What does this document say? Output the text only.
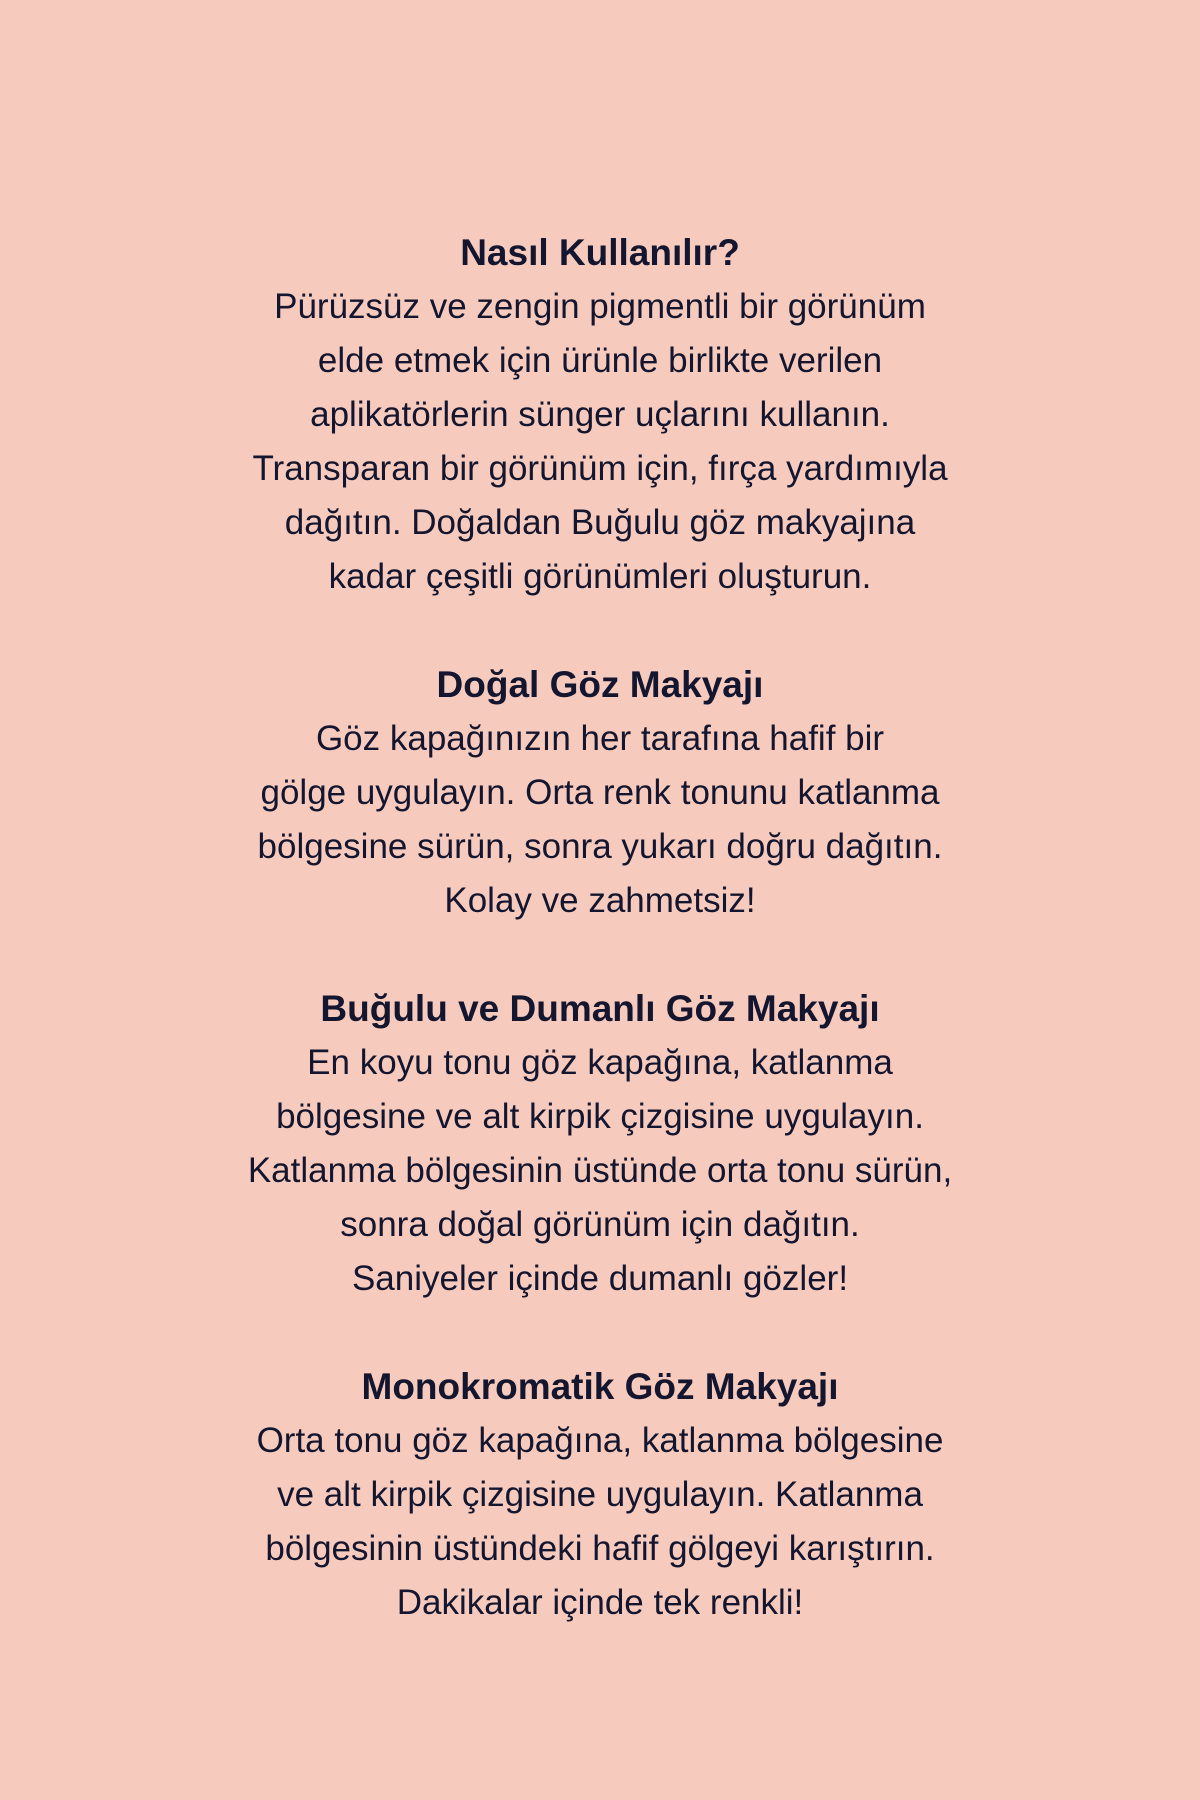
Nasıl Kullanılır?
Pürüzsüz ve zengin pigmentli bir görünüm
elde etmek için ürünle birlikte verilen
aplikatörlerin sünger uçlarını kullanın.
Transparan bir görünüm için, fırça yardımıyla
dağıtın. Doğaldan Buğulu göz makyajına
kadar çeşitli görünümleri oluşturun.
Doğal Göz Makyajı
Göz kapağınızın her tarafına hafif bir
gölge uygulayın. Orta renk tonunu katlanma
bölgesine sürün, sonra yukarı doğru dağıtın.
Kolay ve zahmetsiz!
Buğulu ve Dumanlı Göz Makyajı
En koyu tonu göz kapağına, katlanma
bölgesine ve alt kirpik çizgisine uygulayın.
Katlanma bölgesinin üstünde orta tonu sürün,
sonra doğal görünüm için dağıtın.
Saniyeler içinde dumanlı gözler!
Monokromatik Göz Makyajı
Orta tonu göz kapağına, katlanma bölgesine
ve alt kirpik çizgisine uygulayın. Katlanma
bölgesinin üstündeki hafif gölgeyi karıştırın.
Dakikalar içinde tek renkli!
